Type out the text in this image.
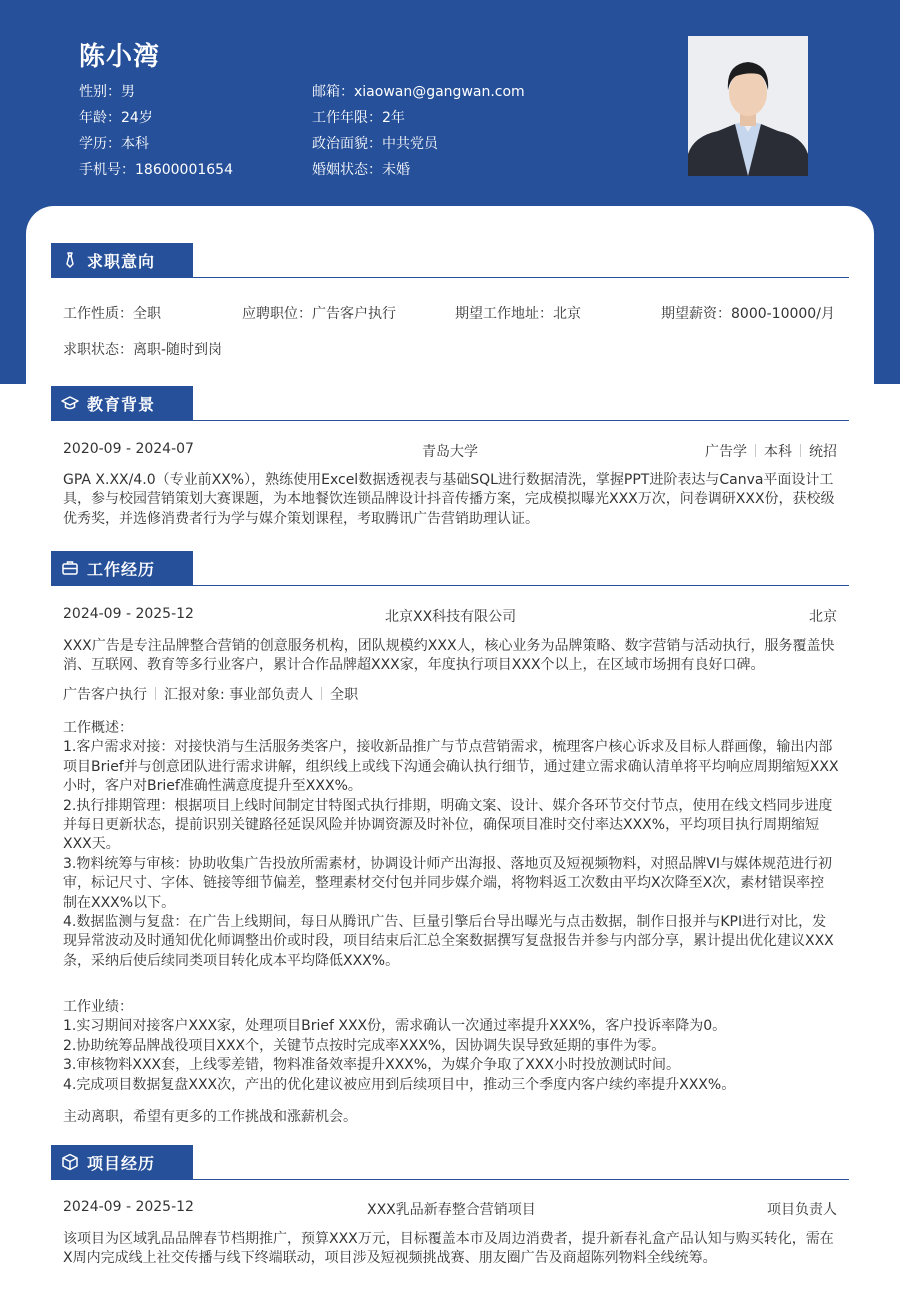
陈小湾
性别：男
年龄：24岁
学历：本科
手机号：18600001654
邮箱：xiaowan@gangwan.com
工作年限：2年
政治面貌：中共党员
婚姻状态：未婚
求职意向
工作性质：全职	应聘职位：广告客户执行	期望工作地址：北京	期望薪资：8000-10000/月
求职状态：离职-随时到岗
教育背景
2020-09 - 2024-07	青岛大学	广告学 本科 统招
GPA X.XX/4.0（专业前XX%），熟练使用Excel数据透视表与基础SQL进行数据清洗，掌握PPT进阶表达与Canva平面设计工
具，参与校园营销策划大赛课题，为本地餐饮连锁品牌设计抖音传播方案，完成模拟曝光XXX万次，问卷调研XXX份，获校级
优秀奖，并选修消费者行为学与媒介策划课程，考取腾讯广告营销助理认证。
工作经历
2024-09 - 2025-12	北京XX科技有限公司	北京
XXX广告是专注品牌整合营销的创意服务机构，团队规模约XXX人，核心业务为品牌策略、数字营销与活动执行，服务覆盖快
消、互联网、教育等多行业客户，累计合作品牌超XXX家，年度执行项目XXX个以上，在区域市场拥有良好口碑。
广告客户执行 汇报对象: 事业部负责人 全职
工作概述：
1.客户需求对接：对接快消与生活服务类客户，接收新品推广与节点营销需求，梳理客户核心诉求及目标人群画像，输出内部
项目Brief并与创意团队进行需求讲解，组织线上或线下沟通会确认执行细节，通过建立需求确认清单将平均响应周期缩短XXX
小时，客户对Brief准确性满意度提升至XXX%。
2.执行排期管理：根据项目上线时间制定甘特图式执行排期，明确文案、设计、媒介各环节交付节点，使用在线文档同步进度
并每日更新状态，提前识别关键路径延误风险并协调资源及时补位，确保项目准时交付率达XXX%，平均项目执行周期缩短
XXX天。
3.物料统筹与审核：协助收集广告投放所需素材，协调设计师产出海报、落地页及短视频物料，对照品牌VI与媒体规范进行初
审，标记尺寸、字体、链接等细节偏差，整理素材交付包并同步媒介端，将物料返工次数由平均X次降至X次，素材错误率控
制在XXX%以下。
4.数据监测与复盘：在广告上线期间，每日从腾讯广告、巨量引擎后台导出曝光与点击数据，制作日报并与KPI进行对比，发
现异常波动及时通知优化师调整出价或时段，项目结束后汇总全案数据撰写复盘报告并参与内部分享，累计提出优化建议XXX
条，采纳后使后续同类项目转化成本平均降低XXX%。
工作业绩：
1.实习期间对接客户XXX家，处理项目Brief XXX份，需求确认一次通过率提升XXX%，客户投诉率降为0。
2.协助统筹品牌战役项目XXX个，关键节点按时完成率XXX%，因协调失误导致延期的事件为零。
3.审核物料XXX套，上线零差错，物料准备效率提升XXX%，为媒介争取了XXX小时投放测试时间。
4.完成项目数据复盘XXX次，产出的优化建议被应用到后续项目中，推动三个季度内客户续约率提升XXX%。
主动离职，希望有更多的工作挑战和涨薪机会。
项目经历
2024-09 - 2025-12	XXX乳品新春整合营销项目	项目负责人
该项目为区域乳品品牌春节档期推广，预算XXX万元，目标覆盖本市及周边消费者，提升新春礼盒产品认知与购买转化，需在
X周内完成线上社交传播与线下终端联动，项目涉及短视频挑战赛、朋友圈广告及商超陈列物料全线统筹。
